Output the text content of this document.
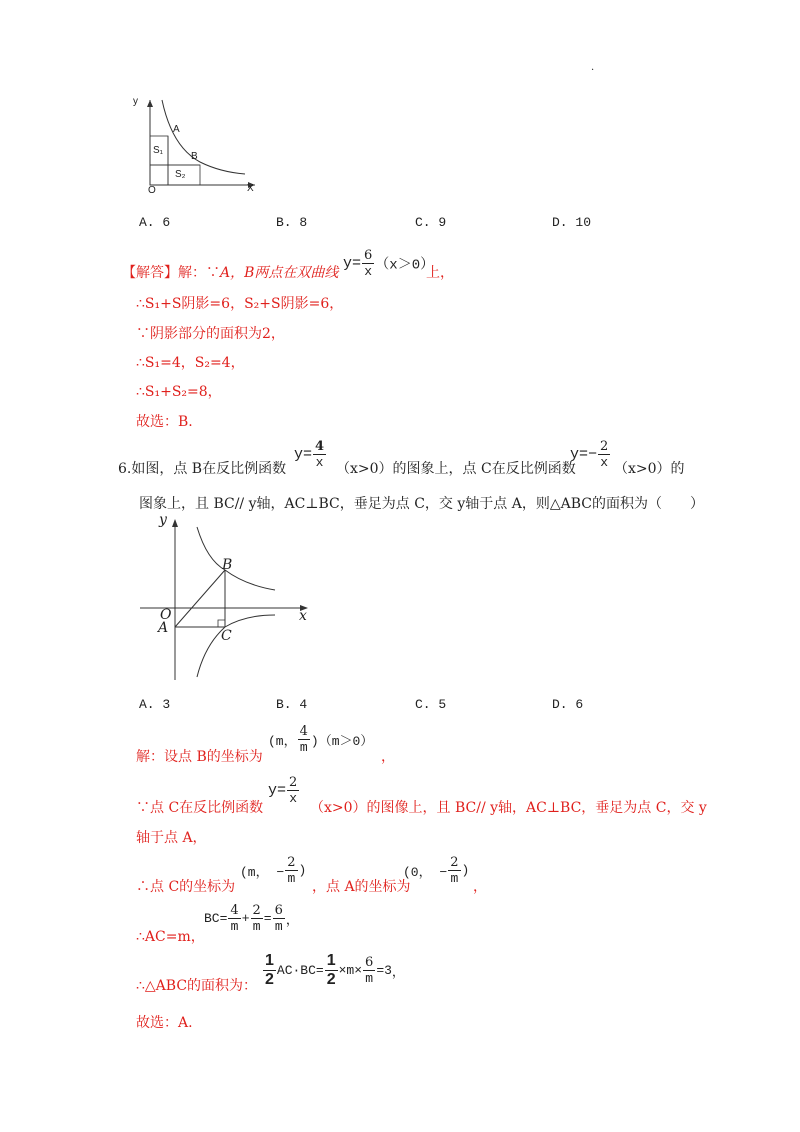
.
y
X
O
A
B
S₁
S₂
A. 6	B. 8	C. 9	D. 10
【解答】解：∵A，B两点在双曲线
$y= \frac{6}{x} (x>0)$
上，
∴S₁+S阴影=6，S₂+S阴影=6，
∵阴影部分的面积为2，
∴S₁=4，S₂=4，
∴S₁+S₂=8，
故选：B.
6.如图，点 B在反比例函数
$y= \frac{4}{x} (x>0)$的图象上，点 C在反比例函数
$y=- \frac{2}{x} (x>0)$的
图象上，且 BC// y轴，AC⊥BC，垂足为点 C，交 y轴于点 A，则△ABC的面积为（　　）
y
x
O
A
B
C
A. 3	B. 4	C. 5	D. 6
解：设点 B的坐标为
(m， $\frac{4}{m} )(m>0)$
，
∵点 C在反比例函数
$y= \frac{2}{x}$
（x>0）的图像上，且 BC// y轴，AC⊥BC，垂足为点 C，交 y
轴于点 A，
∴点 C的坐标为
(m， − $\frac{2}{m}$ )
，点 A的坐标为
(0， − $\frac{2}{m}$ )
，
∴AC=m，
$BC= \frac{4}{m} + \frac{2}{m} = \frac{6}{m}$ ，
∴△ABC的面积为： $\frac{1}{2} AC\cdot BC= \frac{1}{2} \times m\times \frac{6}{m} =3$，
故选：A.
